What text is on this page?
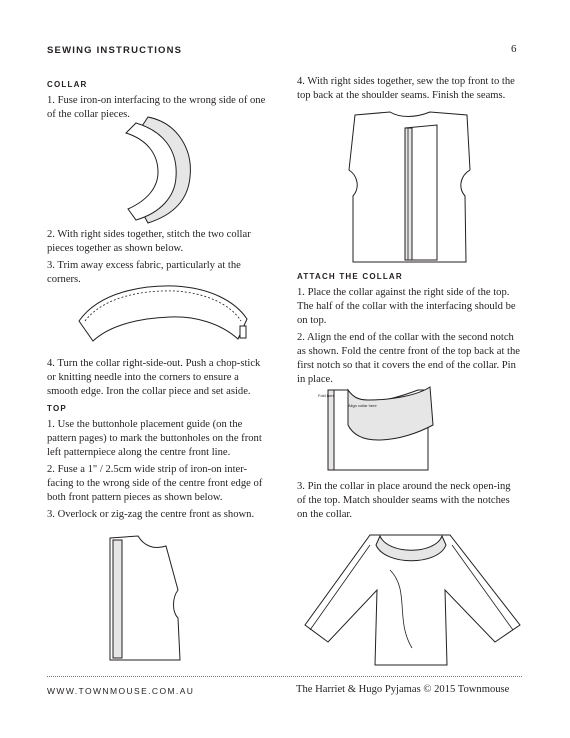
SEWING INSTRUCTIONS	6
COLLAR

1. Fuse iron-on interfacing to the wrong side of one of the collar pieces.

2. With right sides together, stitch the two collar pieces together as shown below.

3. Trim away excess fabric, particularly at the corners.

4. Turn the collar right-side-out. Push a chop-stick or knitting needle into the corners to ensure a smooth edge. Iron the collar piece and set aside.

TOP

1. Use the buttonhole placement guide (on the pattern pages) to mark the buttonholes on the front left patternpiece along the centre front line.

2. Fuse a 1" / 2.5cm wide strip of iron-on inter-facing to the wrong side of the centre front edge of both front pattern pieces as shown below.

3. Overlock or zig-zag the centre front as shown.

4. With right sides together, sew the top front to the top back at the shoulder seams. Finish the seams.

ATTACH THE COLLAR

1. Place the collar against the right side of the top. The half of the collar with the interfacing should be on top.

2. Align the end of the collar with the second notch as shown. Fold the centre front of the top back at the first notch so that it covers the end of the collar. Pin in place.

Fold here
Align collar here

3. Pin the collar in place around the neck open-ing of the top. Match shoulder seams with the notches on the collar.

WWW.TOWNMOUSE.COM.AU	The Harriet & Hugo Pyjamas © 2015 Townmouse
